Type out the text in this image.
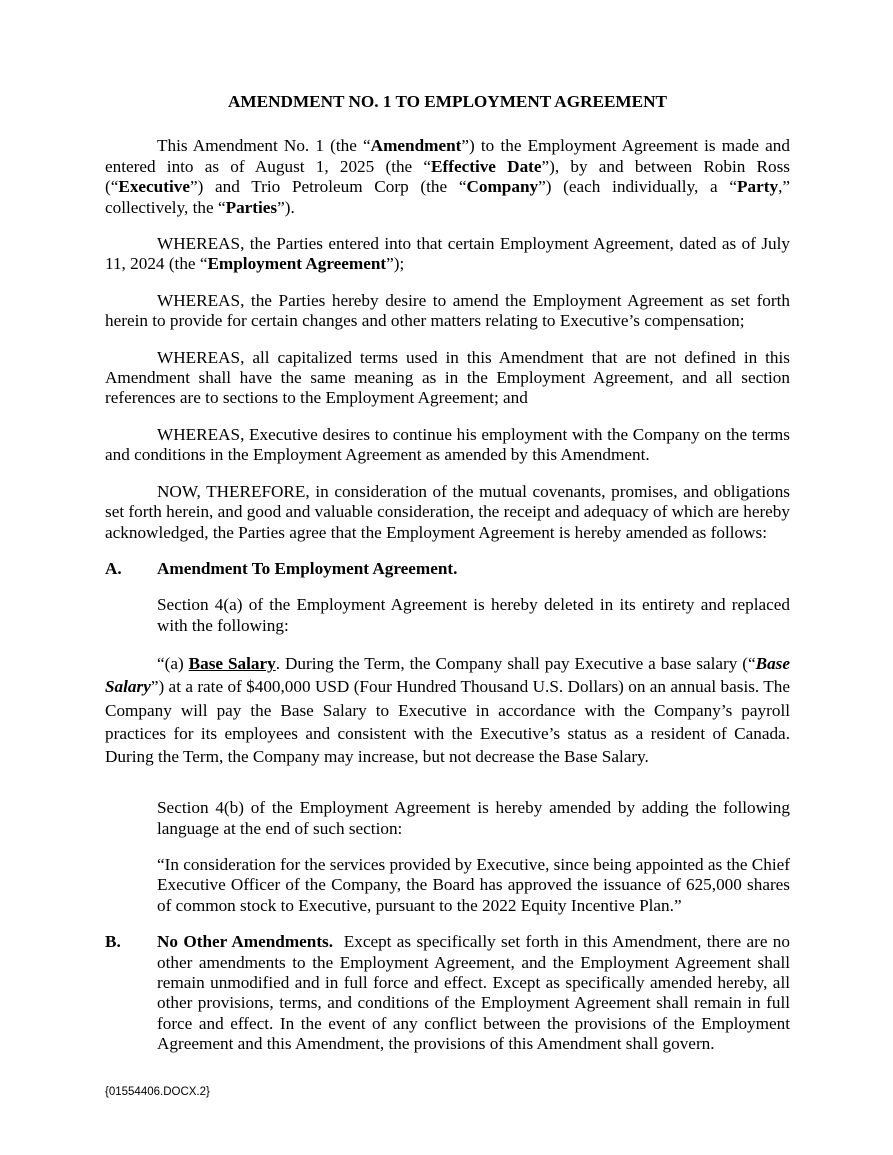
AMENDMENT NO. 1 TO EMPLOYMENT AGREEMENT

This Amendment No. 1 (the “Amendment”) to the Employment Agreement is made and entered into as of August 1, 2025 (the “Effective Date”), by and between Robin Ross (“Executive”) and Trio Petroleum Corp (the “Company”) (each individually, a “Party,” collectively, the “Parties”).

WHEREAS, the Parties entered into that certain Employment Agreement, dated as of July 11, 2024 (the “Employment Agreement”);

WHEREAS, the Parties hereby desire to amend the Employment Agreement as set forth herein to provide for certain changes and other matters relating to Executive’s compensation;

WHEREAS, all capitalized terms used in this Amendment that are not defined in this Amendment shall have the same meaning as in the Employment Agreement, and all section references are to sections to the Employment Agreement; and

WHEREAS, Executive desires to continue his employment with the Company on the terms and conditions in the Employment Agreement as amended by this Amendment.

NOW, THEREFORE, in consideration of the mutual covenants, promises, and obligations set forth herein, and good and valuable consideration, the receipt and adequacy of which are hereby acknowledged, the Parties agree that the Employment Agreement is hereby amended as follows:

A. Amendment To Employment Agreement.

Section 4(a) of the Employment Agreement is hereby deleted in its entirety and replaced with the following:

“(a) Base Salary. During the Term, the Company shall pay Executive a base salary (“Base Salary”) at a rate of $400,000 USD (Four Hundred Thousand U.S. Dollars) on an annual basis. The Company will pay the Base Salary to Executive in accordance with the Company’s payroll practices for its employees and consistent with the Executive’s status as a resident of Canada. During the Term, the Company may increase, but not decrease the Base Salary.

Section 4(b) of the Employment Agreement is hereby amended by adding the following language at the end of such section:

“In consideration for the services provided by Executive, since being appointed as the Chief Executive Officer of the Company, the Board has approved the issuance of 625,000 shares of common stock to Executive, pursuant to the 2022 Equity Incentive Plan.”

B. No Other Amendments.  Except as specifically set forth in this Amendment, there are no other amendments to the Employment Agreement, and the Employment Agreement shall remain unmodified and in full force and effect. Except as specifically amended hereby, all other provisions, terms, and conditions of the Employment Agreement shall remain in full force and effect. In the event of any conflict between the provisions of the Employment Agreement and this Amendment, the provisions of this Amendment shall govern.
{01554406.DOCX.2}
